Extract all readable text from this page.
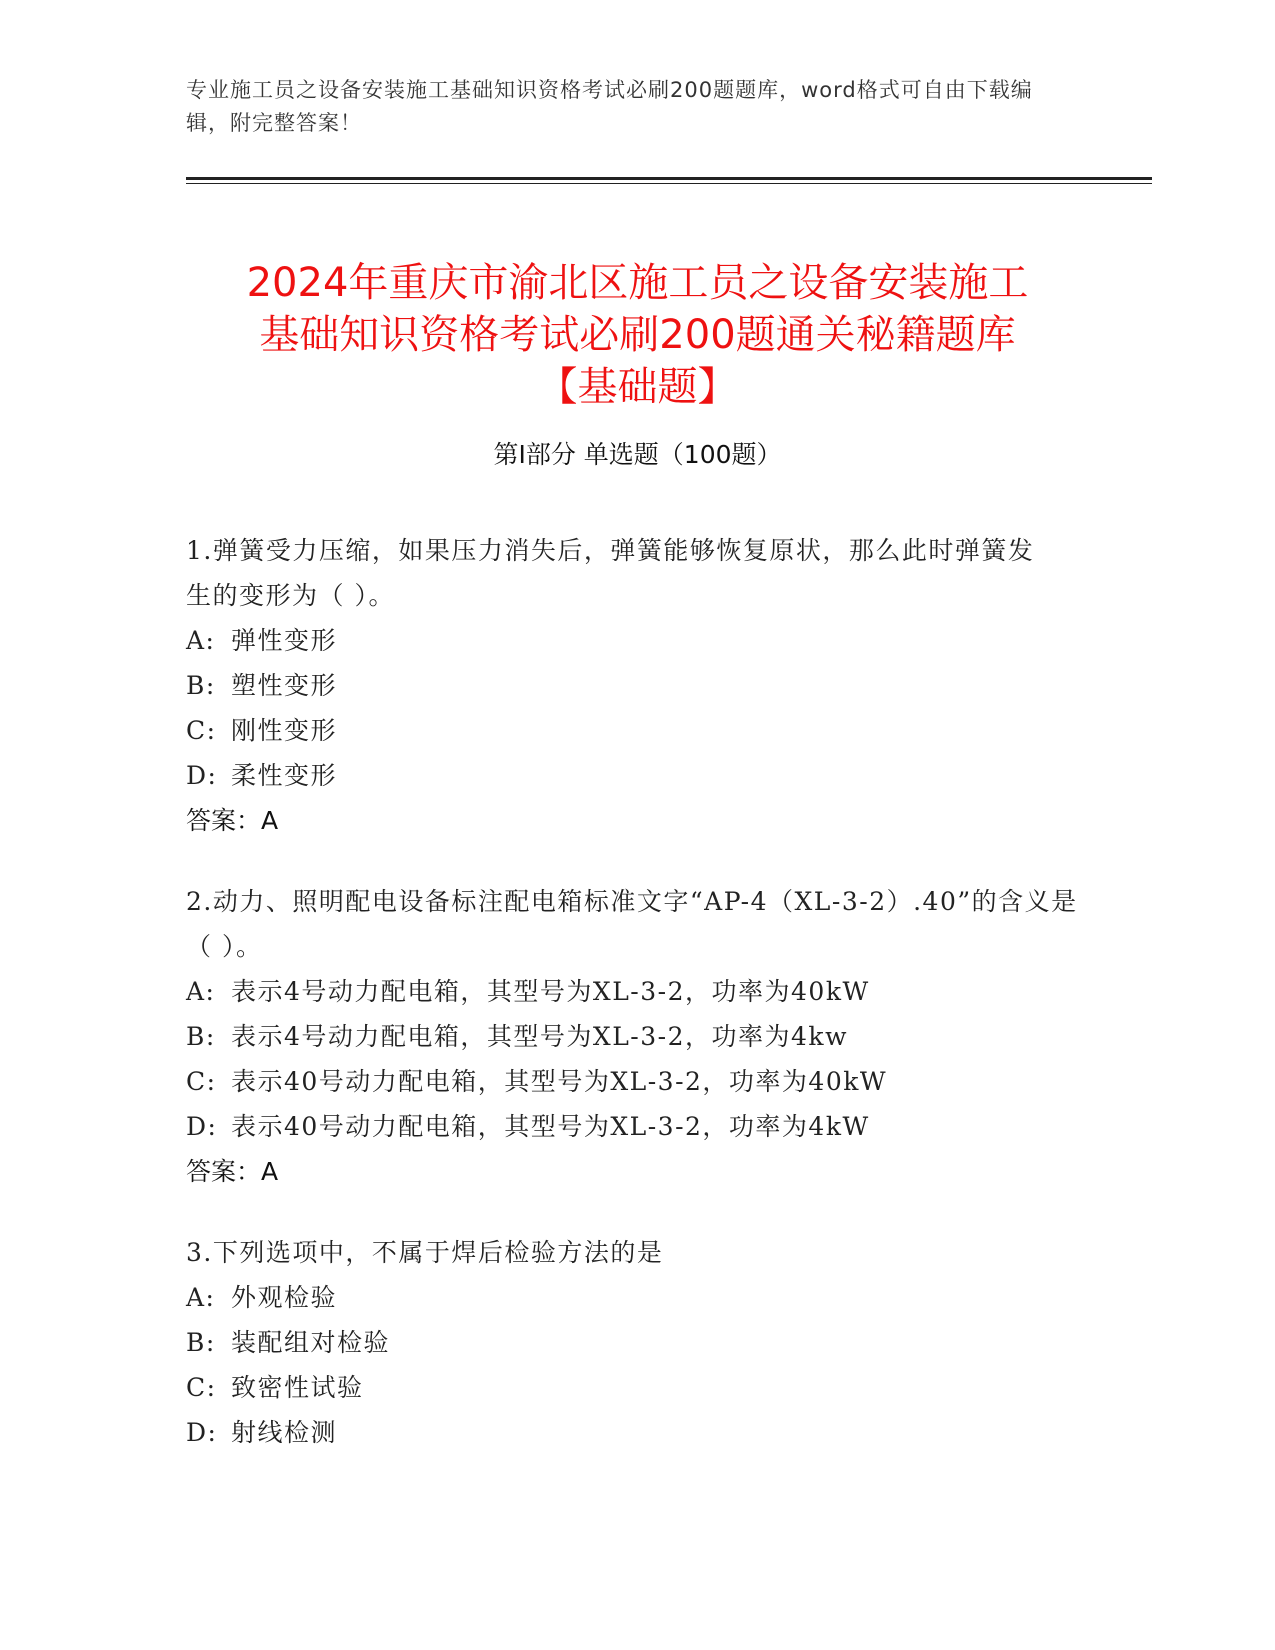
专业施工员之设备安装施工基础知识资格考试必刷200题题库，word格式可自由下载编辑，附完整答案！
2024年重庆市渝北区施工员之设备安装施工
基础知识资格考试必刷200题通关秘籍题库
【基础题】
第I部分 单选题（100题）
1.弹簧受力压缩，如果压力消失后，弹簧能够恢复原状，那么此时弹簧发生的变形为（ ）。
A: 弹性变形
B: 塑性变形
C: 刚性变形
D: 柔性变形
答案：A
2.动力、照明配电设备标注配电箱标准文字“AP-4（XL-3-2）.40”的含义是（ ）。
A: 表示4号动力配电箱，其型号为XL-3-2，功率为40kW
B: 表示4号动力配电箱，其型号为XL-3-2，功率为4kw
C: 表示40号动力配电箱，其型号为XL-3-2，功率为40kW
D: 表示40号动力配电箱，其型号为XL-3-2，功率为4kW
答案：A
3.下列选项中，不属于焊后检验方法的是
A: 外观检验
B: 装配组对检验
C: 致密性试验
D: 射线检测
